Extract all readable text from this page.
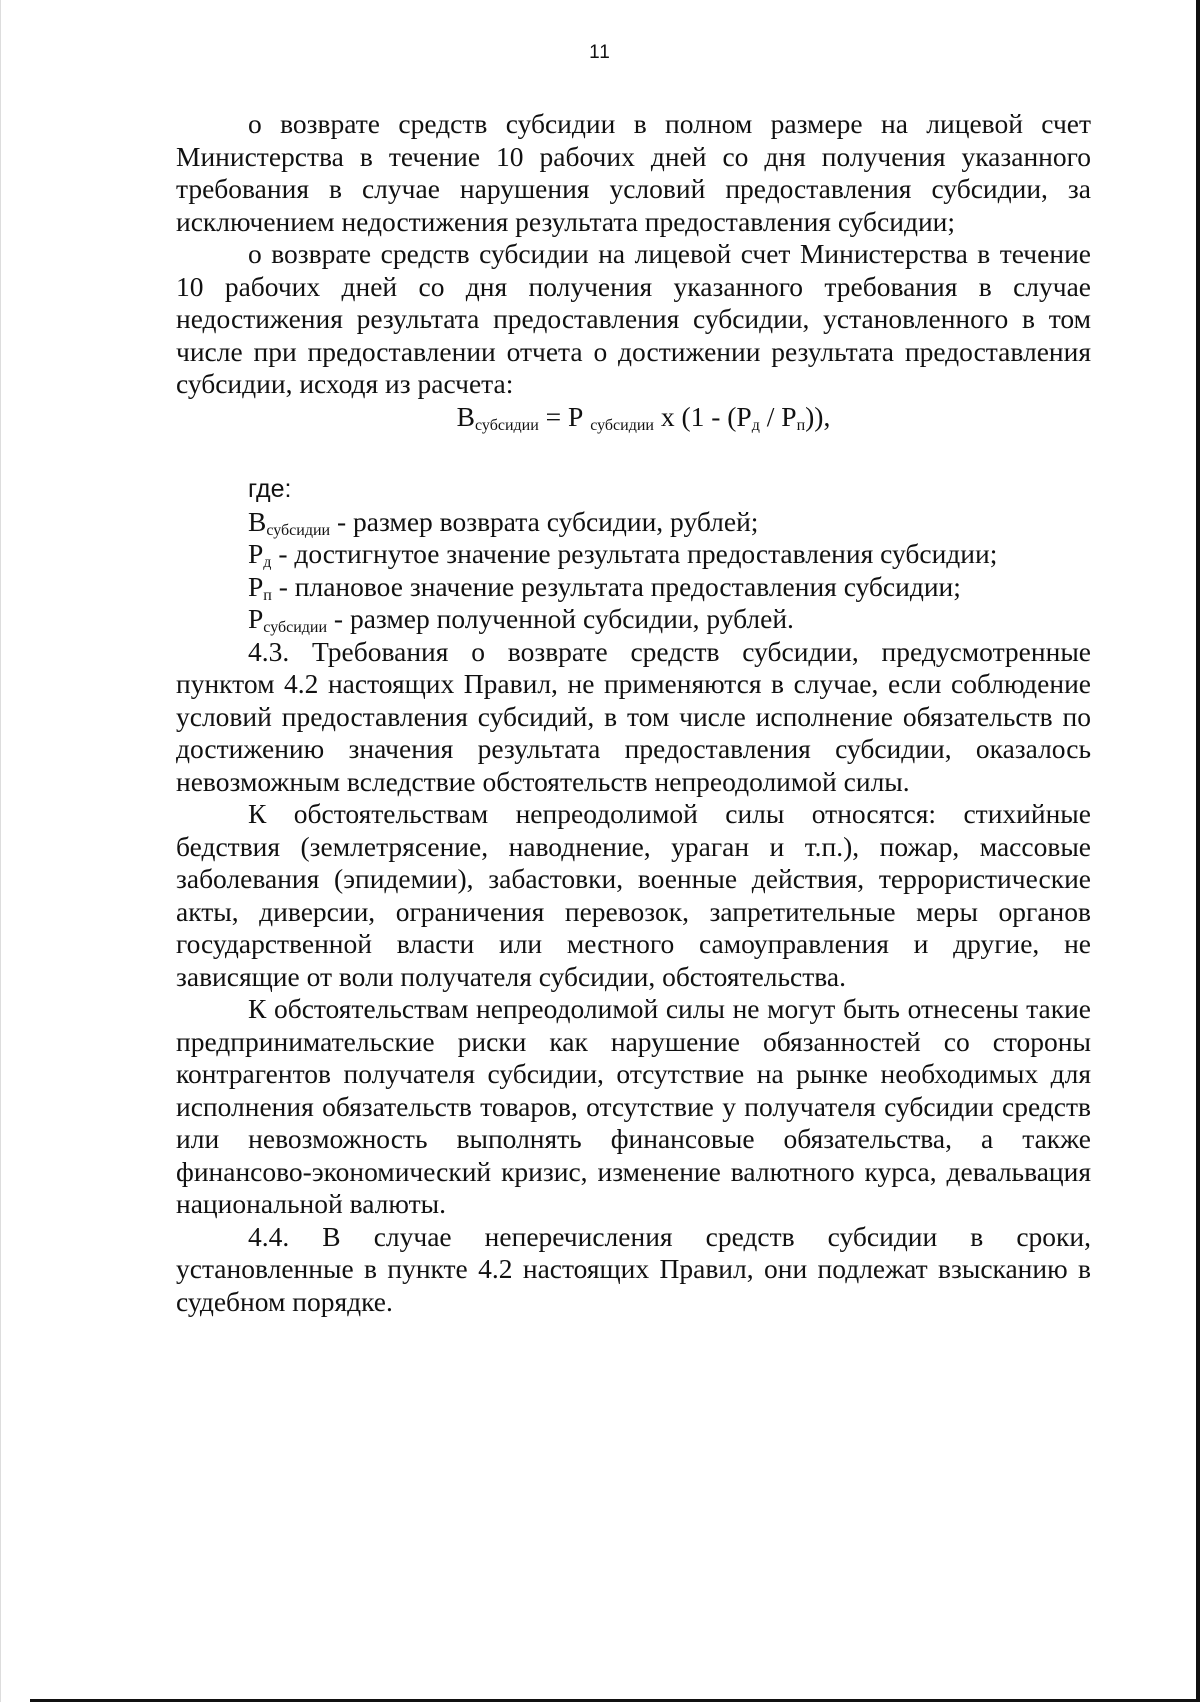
11

о возврате средств субсидии в полном размере на лицевой счет Министерства в течение 10 рабочих дней со дня получения указанного требования в случае нарушения условий предоставления субсидии, за исключением недостижения результата предоставления субсидии;

о возврате средств субсидии на лицевой счет Министерства в течение 10 рабочих дней со дня получения указанного требования в случае недостижения результата предоставления субсидии, установленного в том числе при предоставлении отчета о достижении результата предоставления субсидии, исходя из расчета:

$В_{субсидии} = Р$ $_{субсидии}$ х $(1 - (Р_д / Р_п))$,

где:

$В_{субсидии}$ - размер возврата субсидии, рублей;

$Р_д$ - достигнутое значение результата предоставления субсидии;

$Р_п$ - плановое значение результата предоставления субсидии;

$Р_{субсидии}$ - размер полученной субсидии, рублей.

4.3. Требования о возврате средств субсидии, предусмотренные пунктом 4.2 настоящих Правил, не применяются в случае, если соблюдение условий предоставления субсидий, в том числе исполнение обязательств по достижению значения результата предоставления субсидии, оказалось невозможным вследствие обстоятельств непреодолимой силы.

К обстоятельствам непреодолимой силы относятся: стихийные бедствия (землетрясение, наводнение, ураган и т.п.), пожар, массовые заболевания (эпидемии), забастовки, военные действия, террористические акты, диверсии, ограничения перевозок, запретительные меры органов государственной власти или местного самоуправления и другие, не зависящие от воли получателя субсидии, обстоятельства.

К обстоятельствам непреодолимой силы не могут быть отнесены такие предпринимательские риски как нарушение обязанностей со стороны контрагентов получателя субсидии, отсутствие на рынке необходимых для исполнения обязательств товаров, отсутствие у получателя субсидии средств или невозможность выполнять финансовые обязательства, а также финансово-экономический кризис, изменение валютного курса, девальвация национальной валюты.

4.4. В случае неперечисления средств субсидии в сроки, установленные в пункте 4.2 настоящих Правил, они подлежат взысканию в судебном порядке.
